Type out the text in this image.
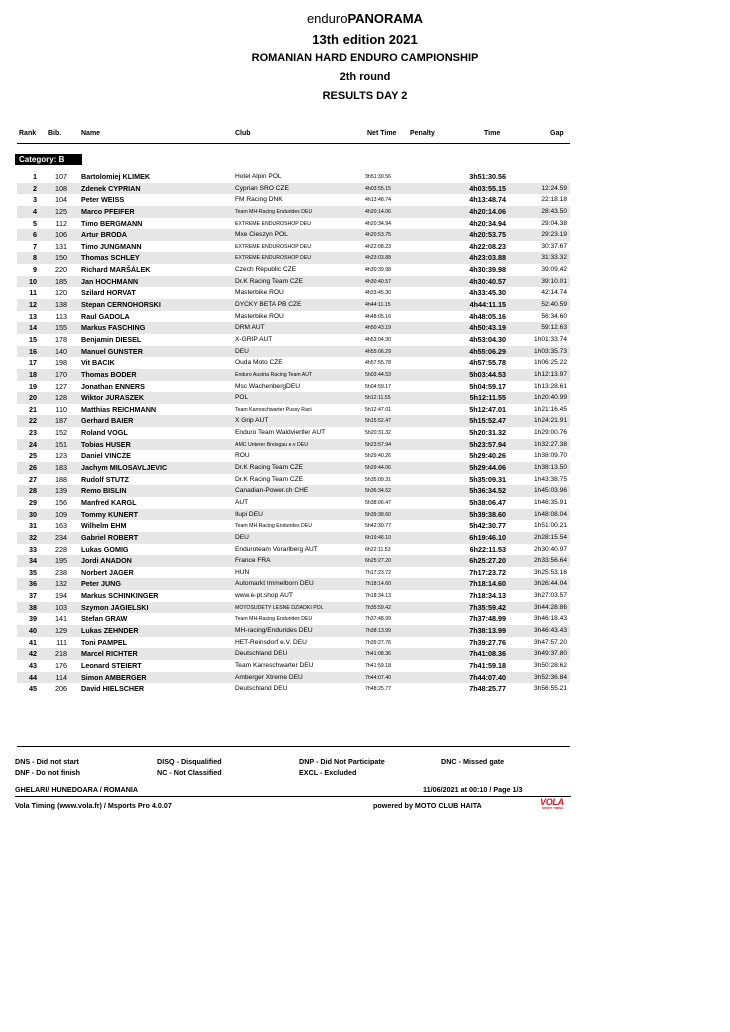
enduroPANORAMA
13th edition 2021
ROMANIAN HARD ENDURO CAMPIONSHIP
2th round
RESULTS DAY 2
Rank Bib.	Name	Club	Net Time Penalty	Time	Gap
Category: B
1	107 Bartolomiej KLIMEK	Hotel Alpin POL	3h51:30.56	3h51:30.56
2	108 Zdenek CYPRIAN	Cyprian SRO CZE	4h03:55.15	4h03:55.15	12:24.59
3	104 Peter WEISS	FM Racing DNK	4h13:48.74	4h13:48.74	22:18.18
4	125 Marco PFEIFER	Team MH-Racing Endurides DEU	4h20:14.06	4h20:14.06	28:43.50
5	112 Timo BERGMANN	EXTREME ENDUROSHOP DEU	4h20:34.94	4h20:34.94	29:04.38
6	106 Artur BRODA	Mxe Cieszyn POL	4h20:53.75	4h20:53.75	29:23.19
7	131 Timo JUNGMANN	EXTREME ENDUROSHOP DEU	4h22:08.23	4h22:08.23	30:37.67
8	150 Thomas SCHLEY	EXTREME ENDUROSHOP DEU	4h23:03.88	4h23:03.88	31:33.32
9	220 Richard MARŠÁLEK	Czech Republic CZE	4h30:39.98	4h30:39.98	39:09.42
10	185 Jan HOCHMANN	Dr.K Racing Team CZE	4h30:40.57	4h30:40.57	39:10.01
11	120 Szilard HORVAT	Masterbike ROU	4h33:45.30	4h33:45.30	42:14.74
12	138 Stepan CERNOHORSKI	DYCKY BETA PB CZE	4h44:11.15	4h44:11.15	52:40.59
13	113 Raul GADOLA	Masterbike ROU	4h48:05.16	4h48:05.16	56:34.60
14	155 Markus FASCHING	DRM AUT	4h50:43.19	4h50:43.19	59:12.63
15	178 Benjamin DIESEL	X-GRIP AUT	4h53:04.30	4h53:04.30	1h01:33.74
16	140 Manuel GUNSTER	DEU	4h55:06.29	4h55:06.29	1h03:35.73
17	198 Vit BACIK	Ouda Moto CZE	4h57:55.78	4h57:55.78	1h06:25.22
18	170 Thomas BODER	Enduro Austria Racing Team AUT	5h03:44.53	5h03:44.53	1h12:13.97
19	127 Jonathan ENNERS	Msc WachenbergDEU	5h04:59.17	5h04:59.17	1h13:28.61
20	128 Wiktor JURASZEK	POL	5h12:11.55	5h12:11.55	1h20:40.99
21	110 Matthias REICHMANN	Team Karreschwarter Pussy Raci	5h12:47.01	5h12:47.01	1h21:16.45
22	187 Gerhard BAIER	X Grip AUT	5h15:52.47	5h15:52.47	1h24:21.91
23	152 Roland VOGL	Enduro Team Waldviertler AUT	5h20:31.32	5h20:31.32	1h29:00.76
24	151 Tobias HUSER	AMC Unterer Breisgau e.v DEU	5h23:57.94	5h23:57.94	1h32:27.38
25	123 Daniel VINCZE	ROU	5h29:40.26	5h29:40.26	1h38:09.70
26	183 Jachym MILOSAVLJEVIC	Dr.K Racing Team CZE	5h29:44.06	5h29:44.06	1h38:13.50
27	188 Rudolf STUTZ	Dr.K Racing Team CZE	5h35:09.31	5h35:09.31	1h43:38.75
28	139 Remo BISLIN	Canadian-Power.ch CHE	5h36:34.52	5h36:34.52	1h45:03.96
29	156 Manfred KARGL	AUT	5h38:06.47	5h38:06.47	1h46:35.91
30	109 Tommy KUNERT	Ilupi DEU	5h39:38.60	5h39:38.60	1h48:08.04
31	163 Wilhelm EHM	Team MH Racing Endurides DEU	5h42:30.77	5h42:30.77	1h51:00.21
32	234 Gabriel ROBERT	DEU	6h19:46.10	6h19:46.10	2h28:15.54
33	228 Lukas GOMIG	Enduroteam Vorarlberg AUT	6h22:11.53	6h22:11.53	2h30:40.97
34	195 Jordi ANADON	France FRA	6h25:27.20	6h25:27.20	2h33:56.64
35	238 Norbert JAGER	HUN	7h17:23.72	7h17:23.72	3h25:53.16
36	132 Peter JUNG	Automarkt Immelborn DEU	7h18:14.60	7h18:14.60	3h26:44.04
37	194 Markus SCHINKINGER	www.e-pt.shop AUT	7h18:34.13	7h18:34.13	3h27:03.57
38	103 Szymon JAGIELSKI	MOTOSUDETY LESNE DZIADKI POL	7h35:59.42	7h35:59.42	3h44:28.86
39	141 Stefan GRAW	Team MH-Racing Endurides DEU	7h37:48.99	7h37:48.99	3h46:18.43
40	129 Lukas ZEHNDER	MH-racing/Endurides DEU	7h38:13.99	7h38:13.99	3h46:43.43
41	111 Toni PAMPEL	HET-Reinsdorf e.V. DEU	7h39:27.76	7h39:27.76	3h47:57.20
42	218 Marcel RICHTER	Deutschland DEU	7h41:08.36	7h41:08.36	3h49:37.80
43	176 Leonard STEIERT	Team Karreschwarter DEU	7h41:59.18	7h41:59.18	3h50:28.62
44	114 Simon AMBERGER	Amberger Xtreme DEU	7h44:07.40	7h44:07.40	3h52:36.84
45	206 David HIELSCHER	Deutschland DEU	7h48:25.77	7h48:25.77	3h56:55.21
DNS - Did not start
DNF - Do not finish
DISQ - Disqualified
NC - Not Classified
DNP - Did Not Participate
EXCL - Excluded
DNC - Missed gate
GHELARI/ HUNEDOARA / ROMANIA	11/06/2021 at 00:10 / Page 1/3
Vola Timing (www.vola.fr) / Msports Pro 4.0.07	powered by MOTO CLUB HAITA	VOLA
SPORT TIMING
